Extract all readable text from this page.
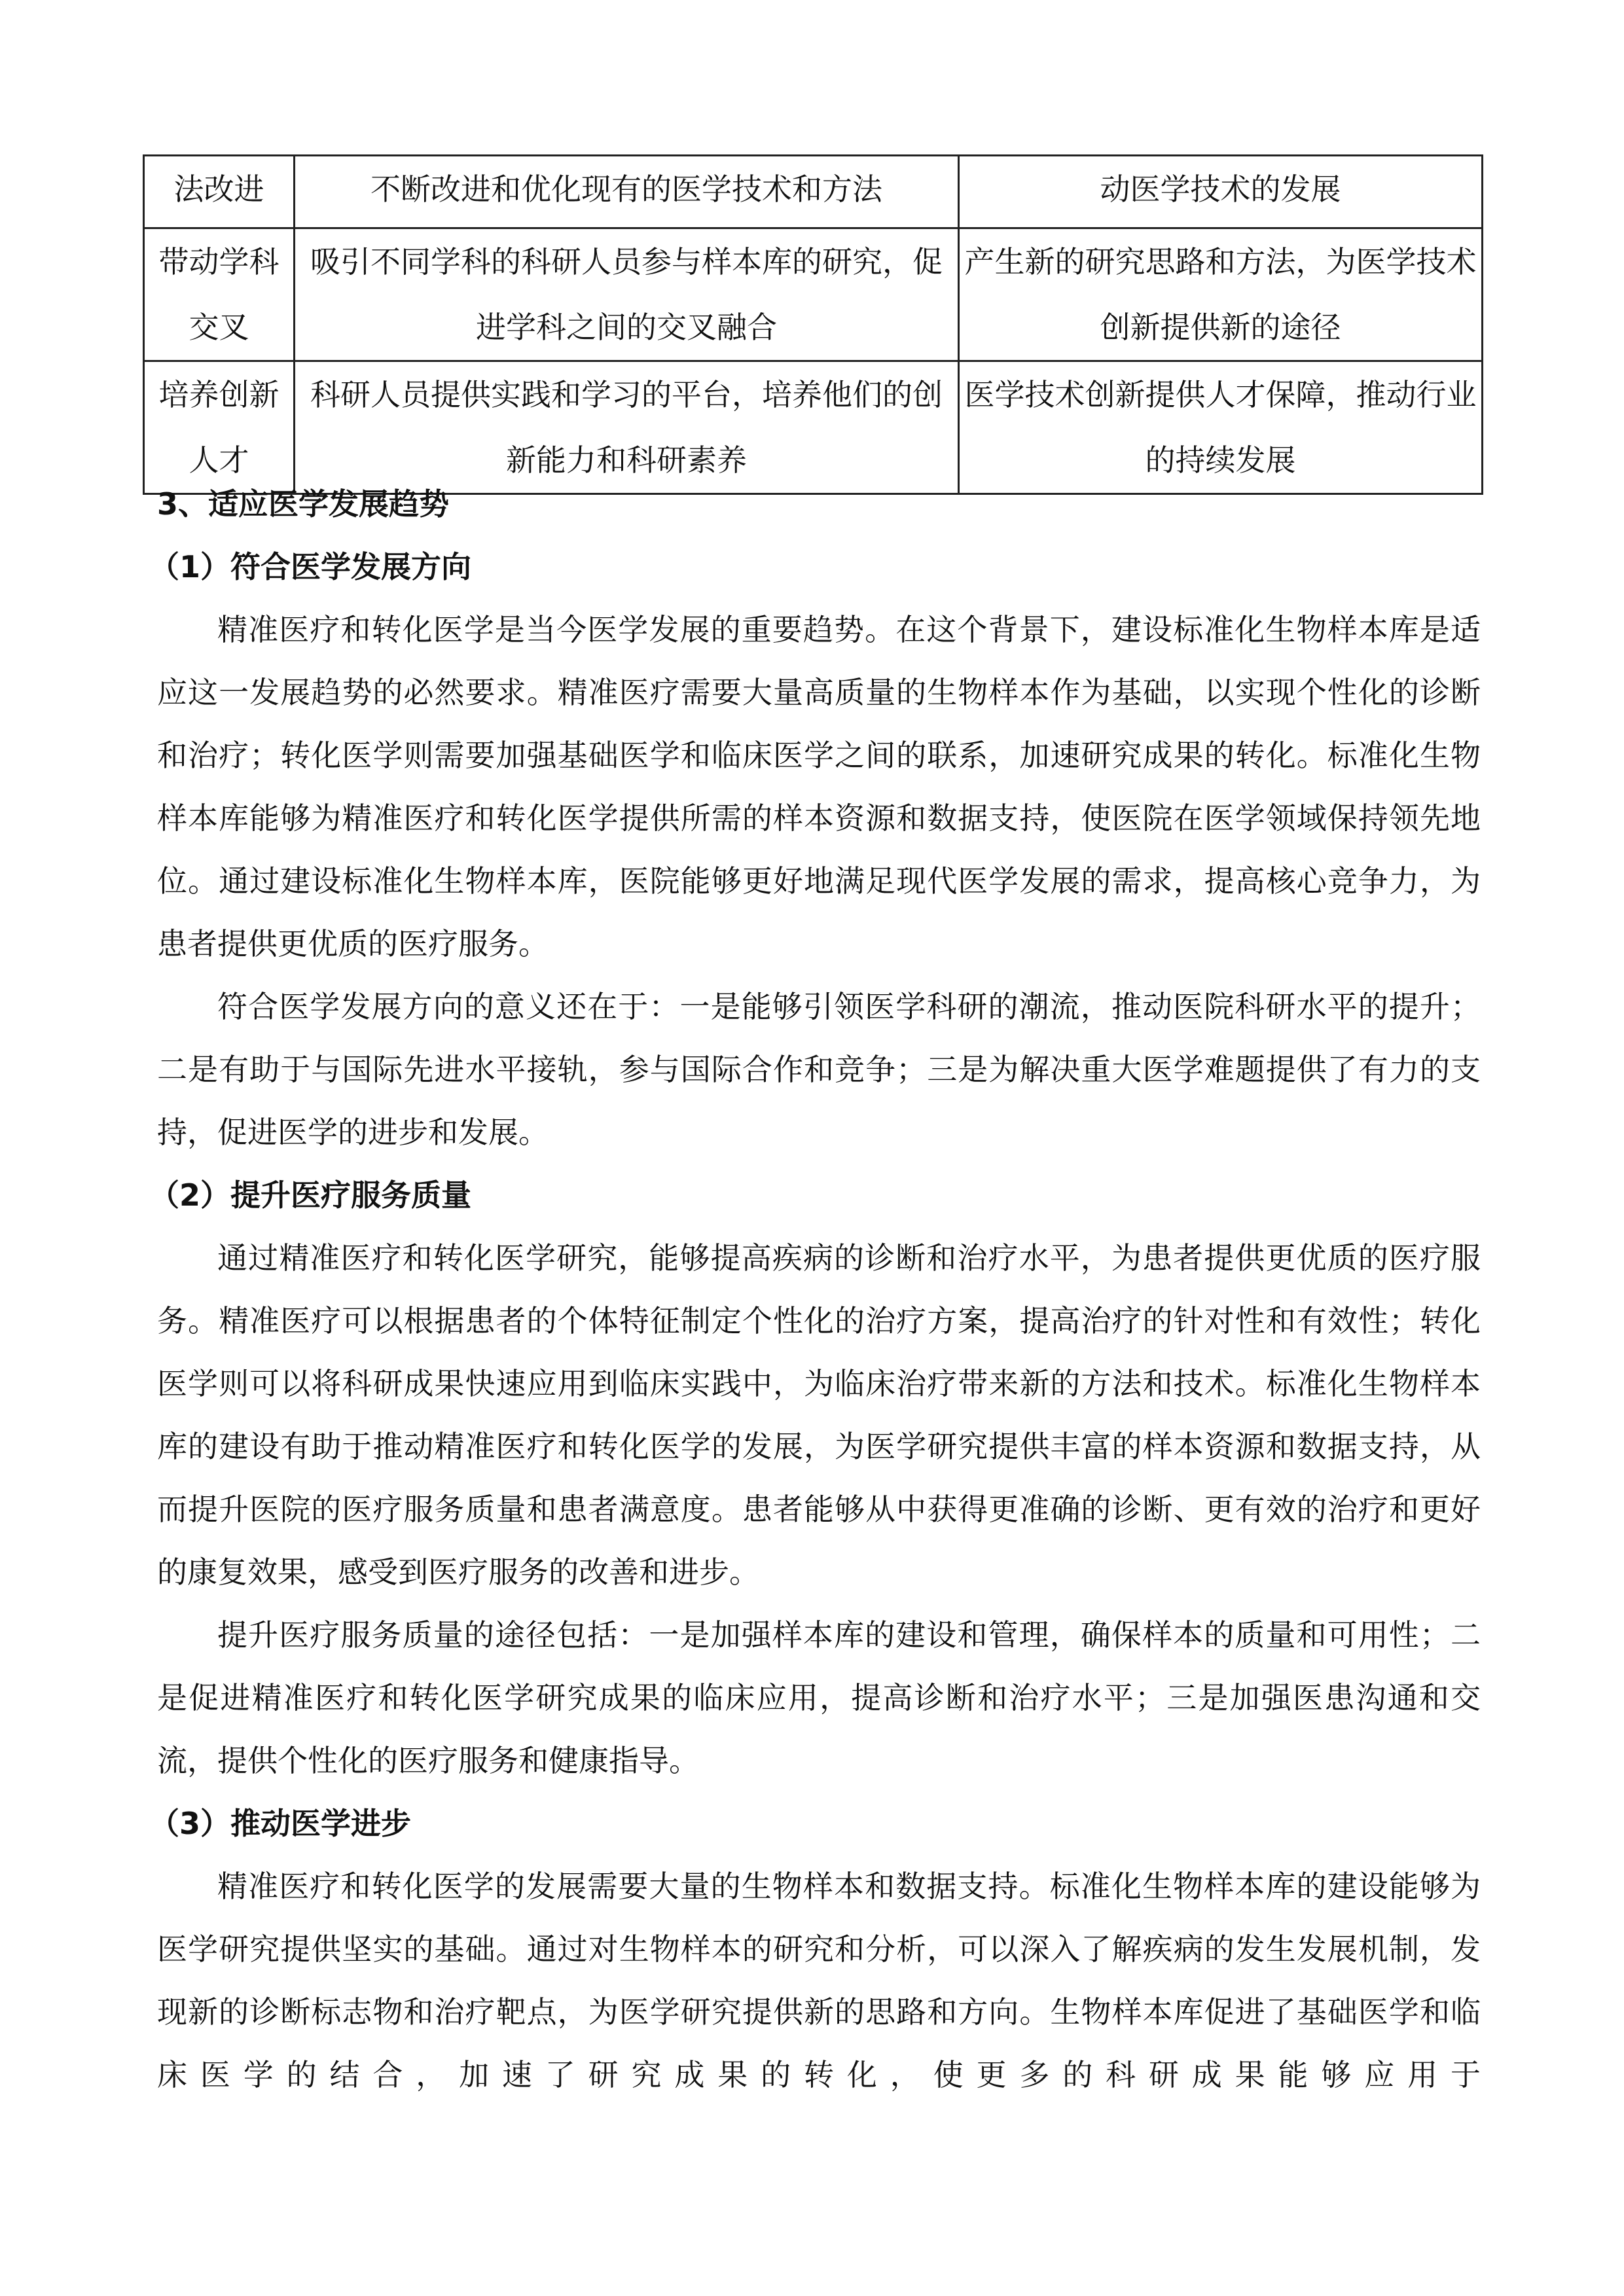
法改进	不断改进和优化现有的医学技术和方法	动医学技术的发展
带动学科交叉	吸引不同学科的科研人员参与样本库的研究，促进学科之间的交叉融合	产生新的研究思路和方法，为医学技术创新提供新的途径
培养创新人才	科研人员提供实践和学习的平台，培养他们的创新能力和科研素养	医学技术创新提供人才保障，推动行业的持续发展
3、适应医学发展趋势
（1）符合医学发展方向

精准医疗和转化医学是当今医学发展的重要趋势。在这个背景下，建设标准化生物样本库是适应这一发展趋势的必然要求。精准医疗需要大量高质量的生物样本作为基础，以实现个性化的诊断和治疗；转化医学则需要加强基础医学和临床医学之间的联系，加速研究成果的转化。标准化生物样本库能够为精准医疗和转化医学提供所需的样本资源和数据支持，使医院在医学领域保持领先地位。通过建设标准化生物样本库，医院能够更好地满足现代医学发展的需求，提高核心竞争力，为患者提供更优质的医疗服务。

符合医学发展方向的意义还在于：一是能够引领医学科研的潮流，推动医院科研水平的提升；二是有助于与国际先进水平接轨，参与国际合作和竞争；三是为解决重大医学难题提供了有力的支持，促进医学的进步和发展。

（2）提升医疗服务质量

通过精准医疗和转化医学研究，能够提高疾病的诊断和治疗水平，为患者提供更优质的医疗服务。精准医疗可以根据患者的个体特征制定个性化的治疗方案，提高治疗的针对性和有效性；转化医学则可以将科研成果快速应用到临床实践中，为临床治疗带来新的方法和技术。标准化生物样本库的建设有助于推动精准医疗和转化医学的发展，为医学研究提供丰富的样本资源和数据支持，从而提升医院的医疗服务质量和患者满意度。患者能够从中获得更准确的诊断、更有效的治疗和更好的康复效果，感受到医疗服务的改善和进步。

提升医疗服务质量的途径包括：一是加强样本库的建设和管理，确保样本的质量和可用性；二是促进精准医疗和转化医学研究成果的临床应用，提高诊断和治疗水平；三是加强医患沟通和交流，提供个性化的医疗服务和健康指导。

（3）推动医学进步

精准医疗和转化医学的发展需要大量的生物样本和数据支持。标准化生物样本库的建设能够为医学研究提供坚实的基础。通过对生物样本的研究和分析，可以深入了解疾病的发生发展机制，发现新的诊断标志物和治疗靶点，为医学研究提供新的思路和方向。生物样本库促进了基础医学和临床医学的结合，加速了研究成果的转化，使更多的科研成果能够应用于
